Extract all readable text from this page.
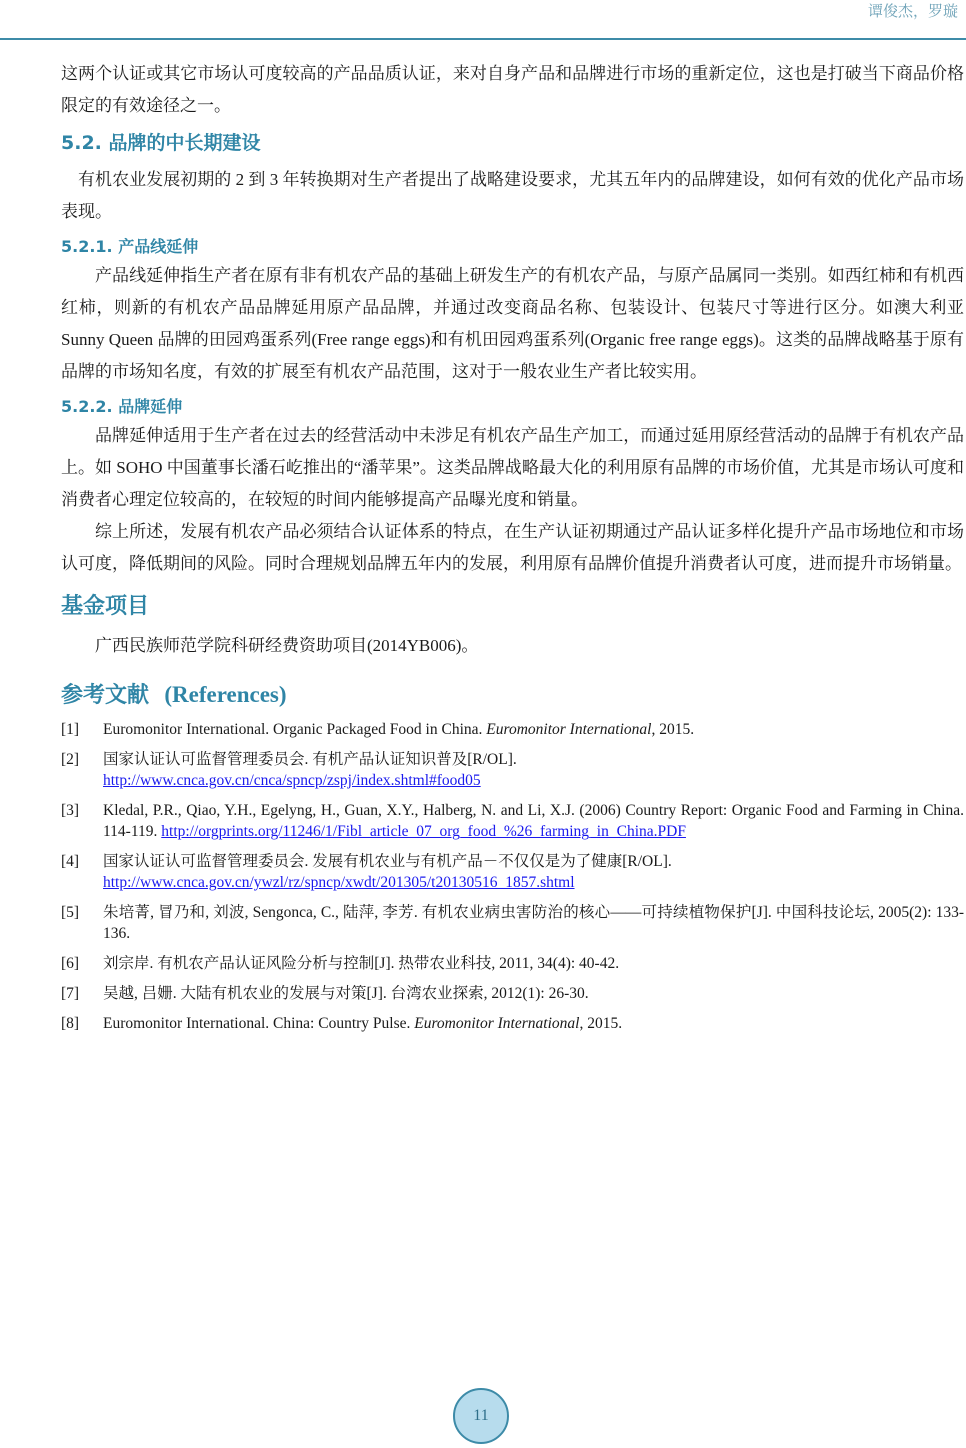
谭俊杰，罗璇

这两个认证或其它市场认可度较高的产品品质认证，来对自身产品和品牌进行市场的重新定位，这也是打破当下商品价格限定的有效途径之一。

5.2. 品牌的中长期建设

有机农业发展初期的 2 到 3 年转换期对生产者提出了战略建设要求，尤其五年内的品牌建设，如何有效的优化产品市场表现。

5.2.1. 产品线延伸

产品线延伸指生产者在原有非有机农产品的基础上研发生产的有机农产品，与原产品属同一类别。如西红柿和有机西红柿，则新的有机农产品品牌延用原产品品牌，并通过改变商品名称、包装设计、包装尺寸等进行区分。如澳大利亚 Sunny Queen 品牌的田园鸡蛋系列(Free range eggs)和有机田园鸡蛋系列(Organic free range eggs)。这类的品牌战略基于原有品牌的市场知名度，有效的扩展至有机农产品范围，这对于一般农业生产者比较实用。

5.2.2. 品牌延伸

品牌延伸适用于生产者在过去的经营活动中未涉足有机农产品生产加工，而通过延用原经营活动的品牌于有机农产品上。如 SOHO 中国董事长潘石屹推出的“潘苹果”。这类品牌战略最大化的利用原有品牌的市场价值，尤其是市场认可度和消费者心理定位较高的，在较短的时间内能够提高产品曝光度和销量。

综上所述，发展有机农产品必须结合认证体系的特点，在生产认证初期通过产品认证多样化提升产品市场地位和市场认可度，降低期间的风险。同时合理规划品牌五年内的发展，利用原有品牌价值提升消费者认可度，进而提升市场销量。

基金项目

广西民族师范学院科研经费资助项目(2014YB006)。

参考文献 (References)
[1]	Euromonitor International. Organic Packaged Food in China. Euromonitor International, 2015.
[2]	国家认证认可监督管理委员会. 有机产品认证知识普及[R/OL].
http://www.cnca.gov.cn/cnca/spncp/zspj/index.shtml#food05
[3]	Kledal, P.R., Qiao, Y.H., Egelyng, H., Guan, X.Y., Halberg, N. and Li, X.J. (2006) Country Report: Organic Food and Farming in China. 114-119. http://orgprints.org/11246/1/Fibl_article_07_org_food_%26_farming_in_China.PDF
[4]	国家认证认可监督管理委员会. 发展有机农业与有机产品－不仅仅是为了健康[R/OL].
http://www.cnca.gov.cn/ywzl/rz/spncp/xwdt/201305/t20130516_1857.shtml
[5]	朱培菁, 冒乃和, 刘波, Sengonca, C., 陆萍, 李芳. 有机农业病虫害防治的核心——可持续植物保护[J]. 中国科技论坛, 2005(2): 133-136.
[6]	刘宗岸. 有机农产品认证风险分析与控制[J]. 热带农业科技, 2011, 34(4): 40-42.
[7]	吴越, 吕姗. 大陆有机农业的发展与对策[J]. 台湾农业探索, 2012(1): 26-30.
[8]	Euromonitor International. China: Country Pulse. Euromonitor International, 2015.
11
